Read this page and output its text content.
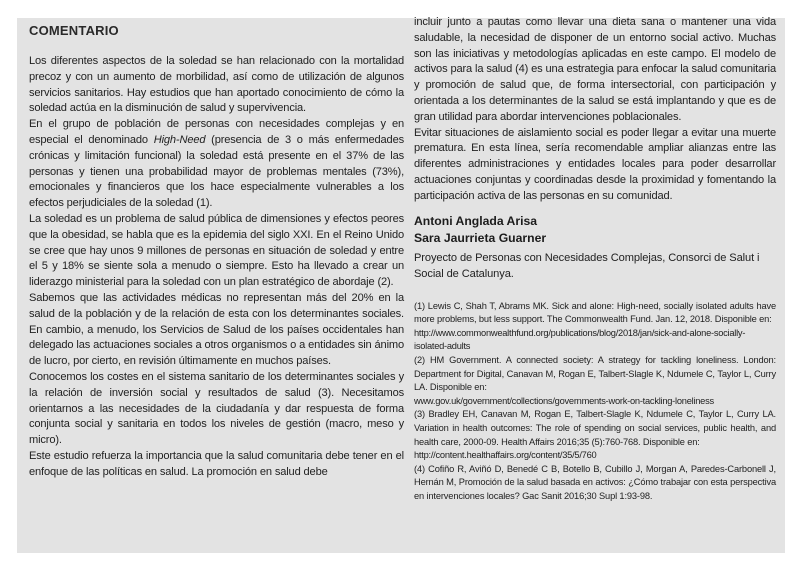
COMENTARIO

Los diferentes aspectos de la soledad se han relacionado con la mortalidad precoz y con un aumento de morbilidad, así como de utilización de algunos servicios sanitarios. Hay estudios que han aportado conocimiento de cómo la soledad actúa en la disminución de salud y supervivencia.

En el grupo de población de personas con necesidades complejas y en especial el denominado High-Need (presencia de 3 o más enfermedades crónicas y limitación funcional) la soledad está presente en el 37% de las personas y tienen una probabilidad mayor de problemas mentales (73%), emocionales y financieros que los hace especialmente vulnerables a los efectos perjudiciales de la soledad (1).

La soledad es un problema de salud pública de dimensiones y efectos peores que la obesidad, se habla que es la epidemia del siglo XXI. En el Reino Unido se cree que hay unos 9 millones de personas en situación de soledad y entre el 5 y 18% se siente sola a menudo o siempre. Esto ha llevado a crear un liderazgo ministerial para la soledad con un plan estratégico de abordaje (2).

Sabemos que las actividades médicas no representan más del 20% en la salud de la población y de la relación de esta con los determinantes sociales. En cambio, a menudo, los Servicios de Salud de los países occidentales han delegado las actuaciones sociales a otros organismos o a entidades sin ánimo de lucro, por cierto, en revisión últimamente en muchos países.

Conocemos los costes en el sistema sanitario de los determinantes sociales y la relación de inversión social y resultados de salud (3). Necesitamos orientarnos a las necesidades de la ciudadanía y dar respuesta de forma conjunta social y sanitaria en todos los niveles de gestión (macro, meso y micro).

Este estudio refuerza la importancia que la salud comunitaria debe tener en el enfoque de las políticas en salud. La promoción en salud debe

incluir junto a pautas como llevar una dieta sana o mantener una vida saludable, la necesidad de disponer de un entorno social activo. Muchas son las iniciativas y metodologías aplicadas en este campo. El modelo de activos para la salud (4) es una estrategia para enfocar la salud comunitaria y promoción de salud que, de forma intersectorial, con participación y orientada a los determinantes de la salud se está implantando y que es de gran utilidad para abordar intervenciones poblacionales.

Evitar situaciones de aislamiento social es poder llegar a evitar una muerte prematura. En esta línea, sería recomendable ampliar alianzas entre las diferentes administraciones y entidades locales para poder desarrollar actuaciones conjuntas y coordinadas desde la proximidad y fomentando la participación activa de las personas en su comunidad.

Antoni Anglada Arisa

Sara Jaurrieta Guarner

Proyecto de Personas con Necesidades Complejas, Consorci de Salut i Social de Catalunya.

(1) Lewis C, Shah T, Abrams MK. Sick and alone: High-need, socially isolated adults have more problems, but less support. The Commonwealth Fund. Jan. 12, 2018. Disponible en:
http://www.commonwealthfund.org/publications/blog/2018/jan/sick-and-alone-socially-isolated-adults

(2) HM Government. A connected society: A strategy for tackling loneliness. London: Department for Digital, Canavan M, Rogan E, Talbert-Slagle K, Ndumele C, Taylor L, Curry LA. Disponible en:
www.gov.uk/government/collections/governments-work-on-tackling-loneliness

(3) Bradley EH, Canavan M, Rogan E, Talbert-Slagle K, Ndumele C, Taylor L, Curry LA. Variation in health outcomes: The role of spending on social services, public health, and health care, 2000-09. Health Affairs 2016;35 (5):760-768. Disponible en:
http://content.healthaffairs.org/content/35/5/760

(4) Cofiño R, Aviñó D, Benedé C B, Botello B, Cubillo J, Morgan A, Paredes-Carbonell J, Hernán M, Promoción de la salud basada en activos: ¿Cómo trabajar con esta perspectiva en intervenciones locales? Gac Sanit 2016;30 Supl 1:93-98.
